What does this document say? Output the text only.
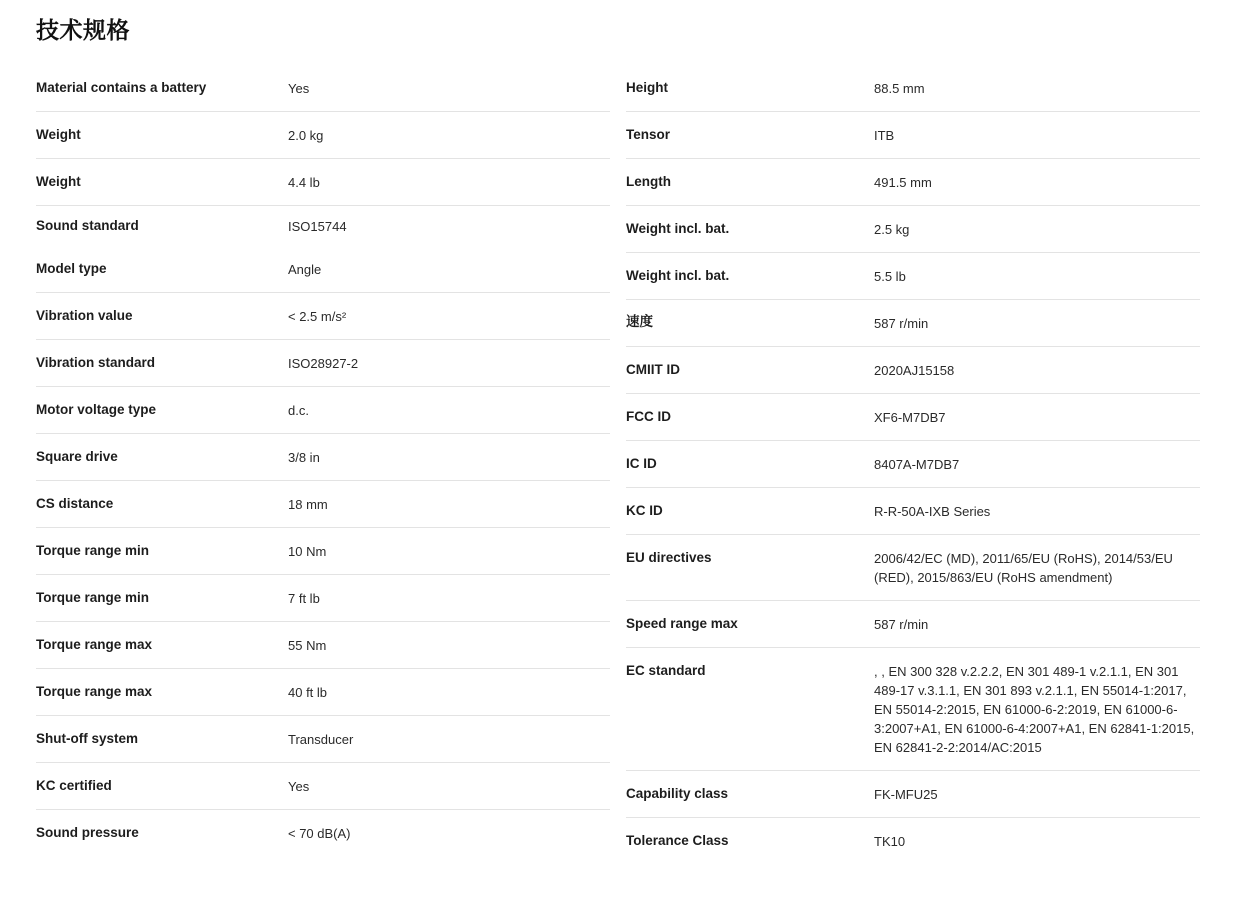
技术规格
Material contains a battery	Yes
Weight	2.0 kg
Weight	4.4 lb
Sound standard	ISO15744
Model type	Angle
Vibration value	< 2.5 m/s²
Vibration standard	ISO28927-2
Motor voltage type	d.c.
Square drive	3/8 in
CS distance	18 mm
Torque range min	10 Nm
Torque range min	7 ft lb
Torque range max	55 Nm
Torque range max	40 ft lb
Shut-off system	Transducer
KC certified	Yes
Sound pressure	< 70 dB(A)
Height	88.5 mm
Tensor	ITB
Length	491.5 mm
Weight incl. bat.	2.5 kg
Weight incl. bat.	5.5 lb
速度	587 r/min
CMIIT ID	2020AJ15158
FCC ID	XF6-M7DB7
IC ID	8407A-M7DB7
KC ID	R-R-50A-IXB Series
EU directives	2006/42/EC (MD), 2011/65/EU (RoHS), 2014/53/EU (RED), 2015/863/EU (RoHS amendment)
Speed range max	587 r/min
EC standard	, , EN 300 328 v.2.2.2, EN 301 489-1 v.2.1.1, EN 301 489-17 v.3.1.1, EN 301 893 v.2.1.1, EN 55014-1:2017, EN 55014-2:2015, EN 61000-6-2:2019, EN 61000-6-3:2007+A1, EN 61000-6-4:2007+A1, EN 62841-1:2015, EN 62841-2-2:2014/AC:2015
Capability class	FK-MFU25
Tolerance Class	TK10
